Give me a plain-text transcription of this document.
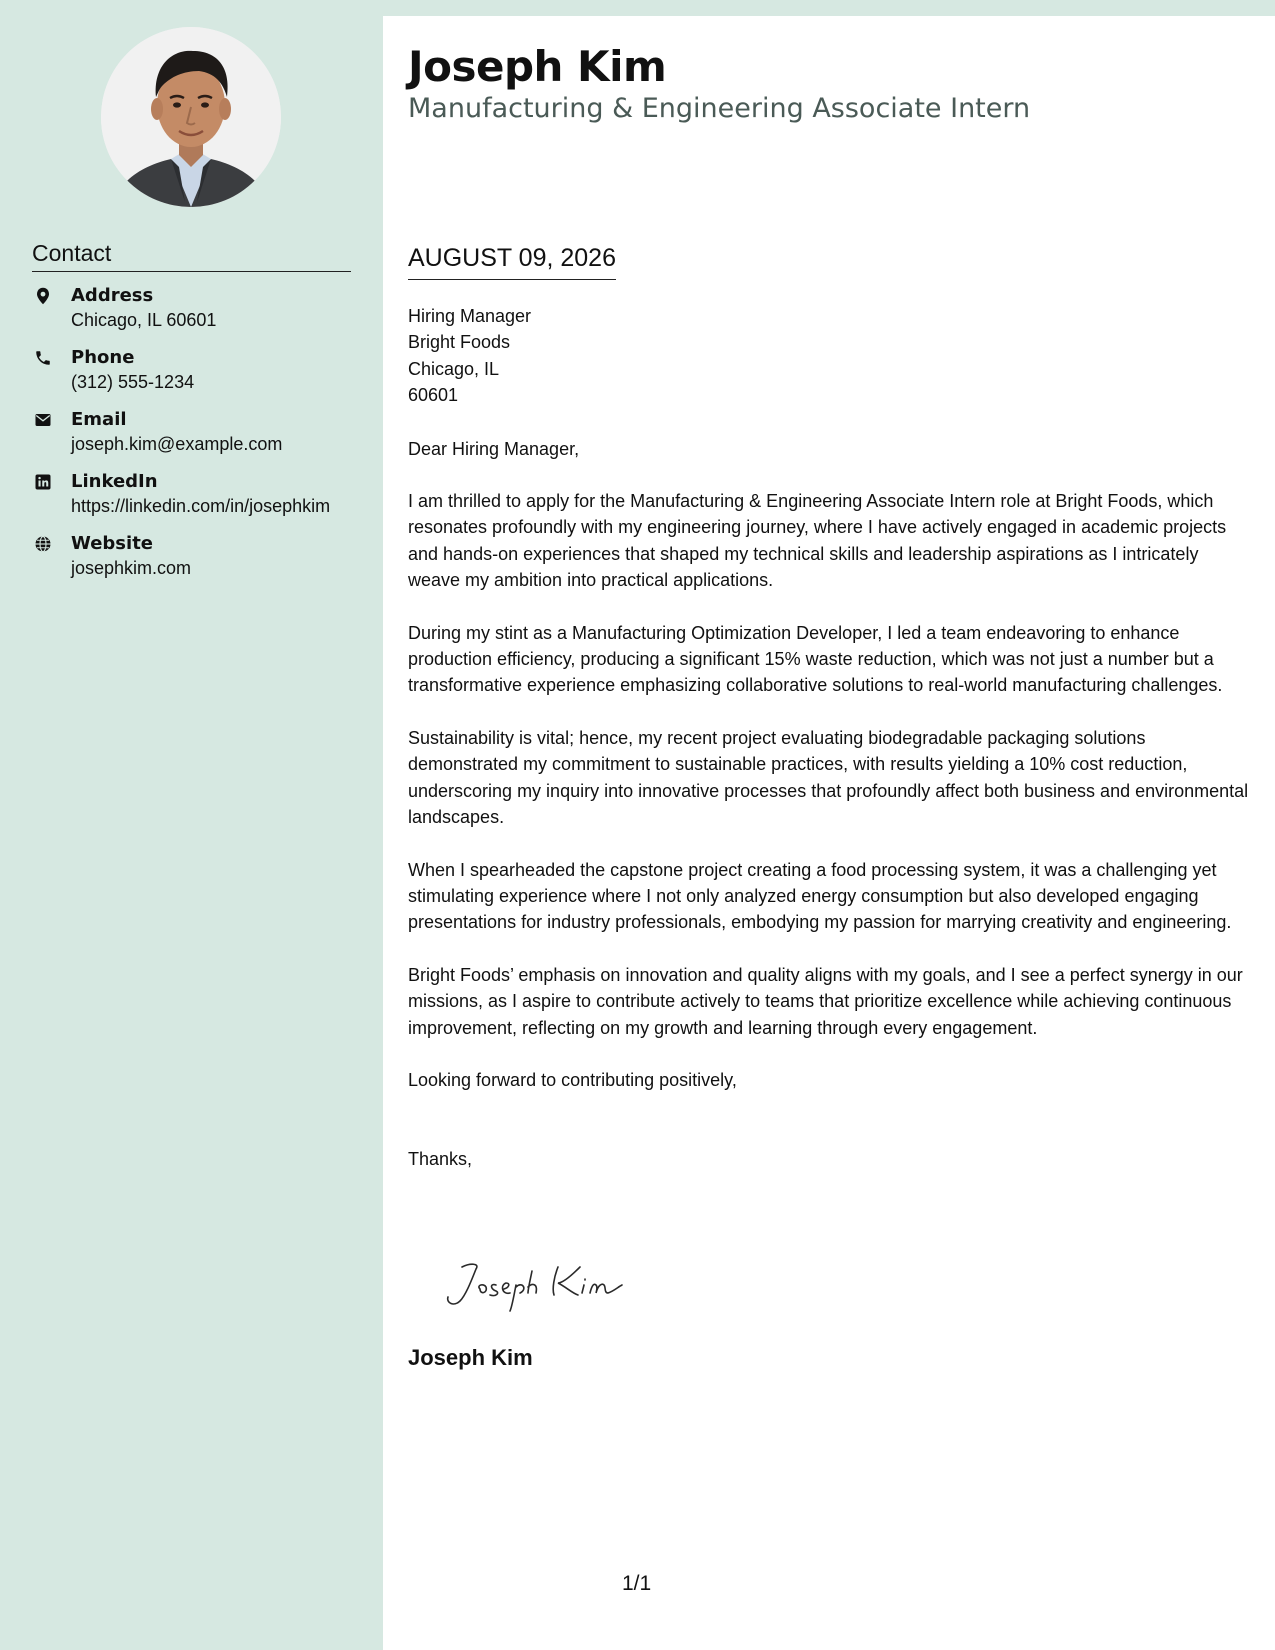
Contact
Address
Chicago, IL 60601
Phone
(312) 555-1234
Email
joseph.kim@example.com
LinkedIn
https://linkedin.com/in/josephkim
Website
josephkim.com
Joseph Kim
Manufacturing & Engineering Associate Intern
AUGUST 09, 2026
Hiring Manager
Bright Foods
Chicago, IL
60601
Dear Hiring Manager,
I am thrilled to apply for the Manufacturing & Engineering Associate Intern role at Bright Foods, which resonates profoundly with my engineering journey, where I have actively engaged in academic projects and hands-on experiences that shaped my technical skills and leadership aspirations as I intricately weave my ambition into practical applications.
During my stint as a Manufacturing Optimization Developer, I led a team endeavoring to enhance production efficiency, producing a significant 15% waste reduction, which was not just a number but a transformative experience emphasizing collaborative solutions to real-world manufacturing challenges.
Sustainability is vital; hence, my recent project evaluating biodegradable packaging solutions demonstrated my commitment to sustainable practices, with results yielding a 10% cost reduction, underscoring my inquiry into innovative processes that profoundly affect both business and environmental landscapes.
When I spearheaded the capstone project creating a food processing system, it was a challenging yet stimulating experience where I not only analyzed energy consumption but also developed engaging presentations for industry professionals, embodying my passion for marrying creativity and engineering.
Bright Foods’ emphasis on innovation and quality aligns with my goals, and I see a perfect synergy in our missions, as I aspire to contribute actively to teams that prioritize excellence while achieving continuous improvement, reflecting on my growth and learning through every engagement.
Looking forward to contributing positively,
Thanks,
Joseph Kim
1/1
